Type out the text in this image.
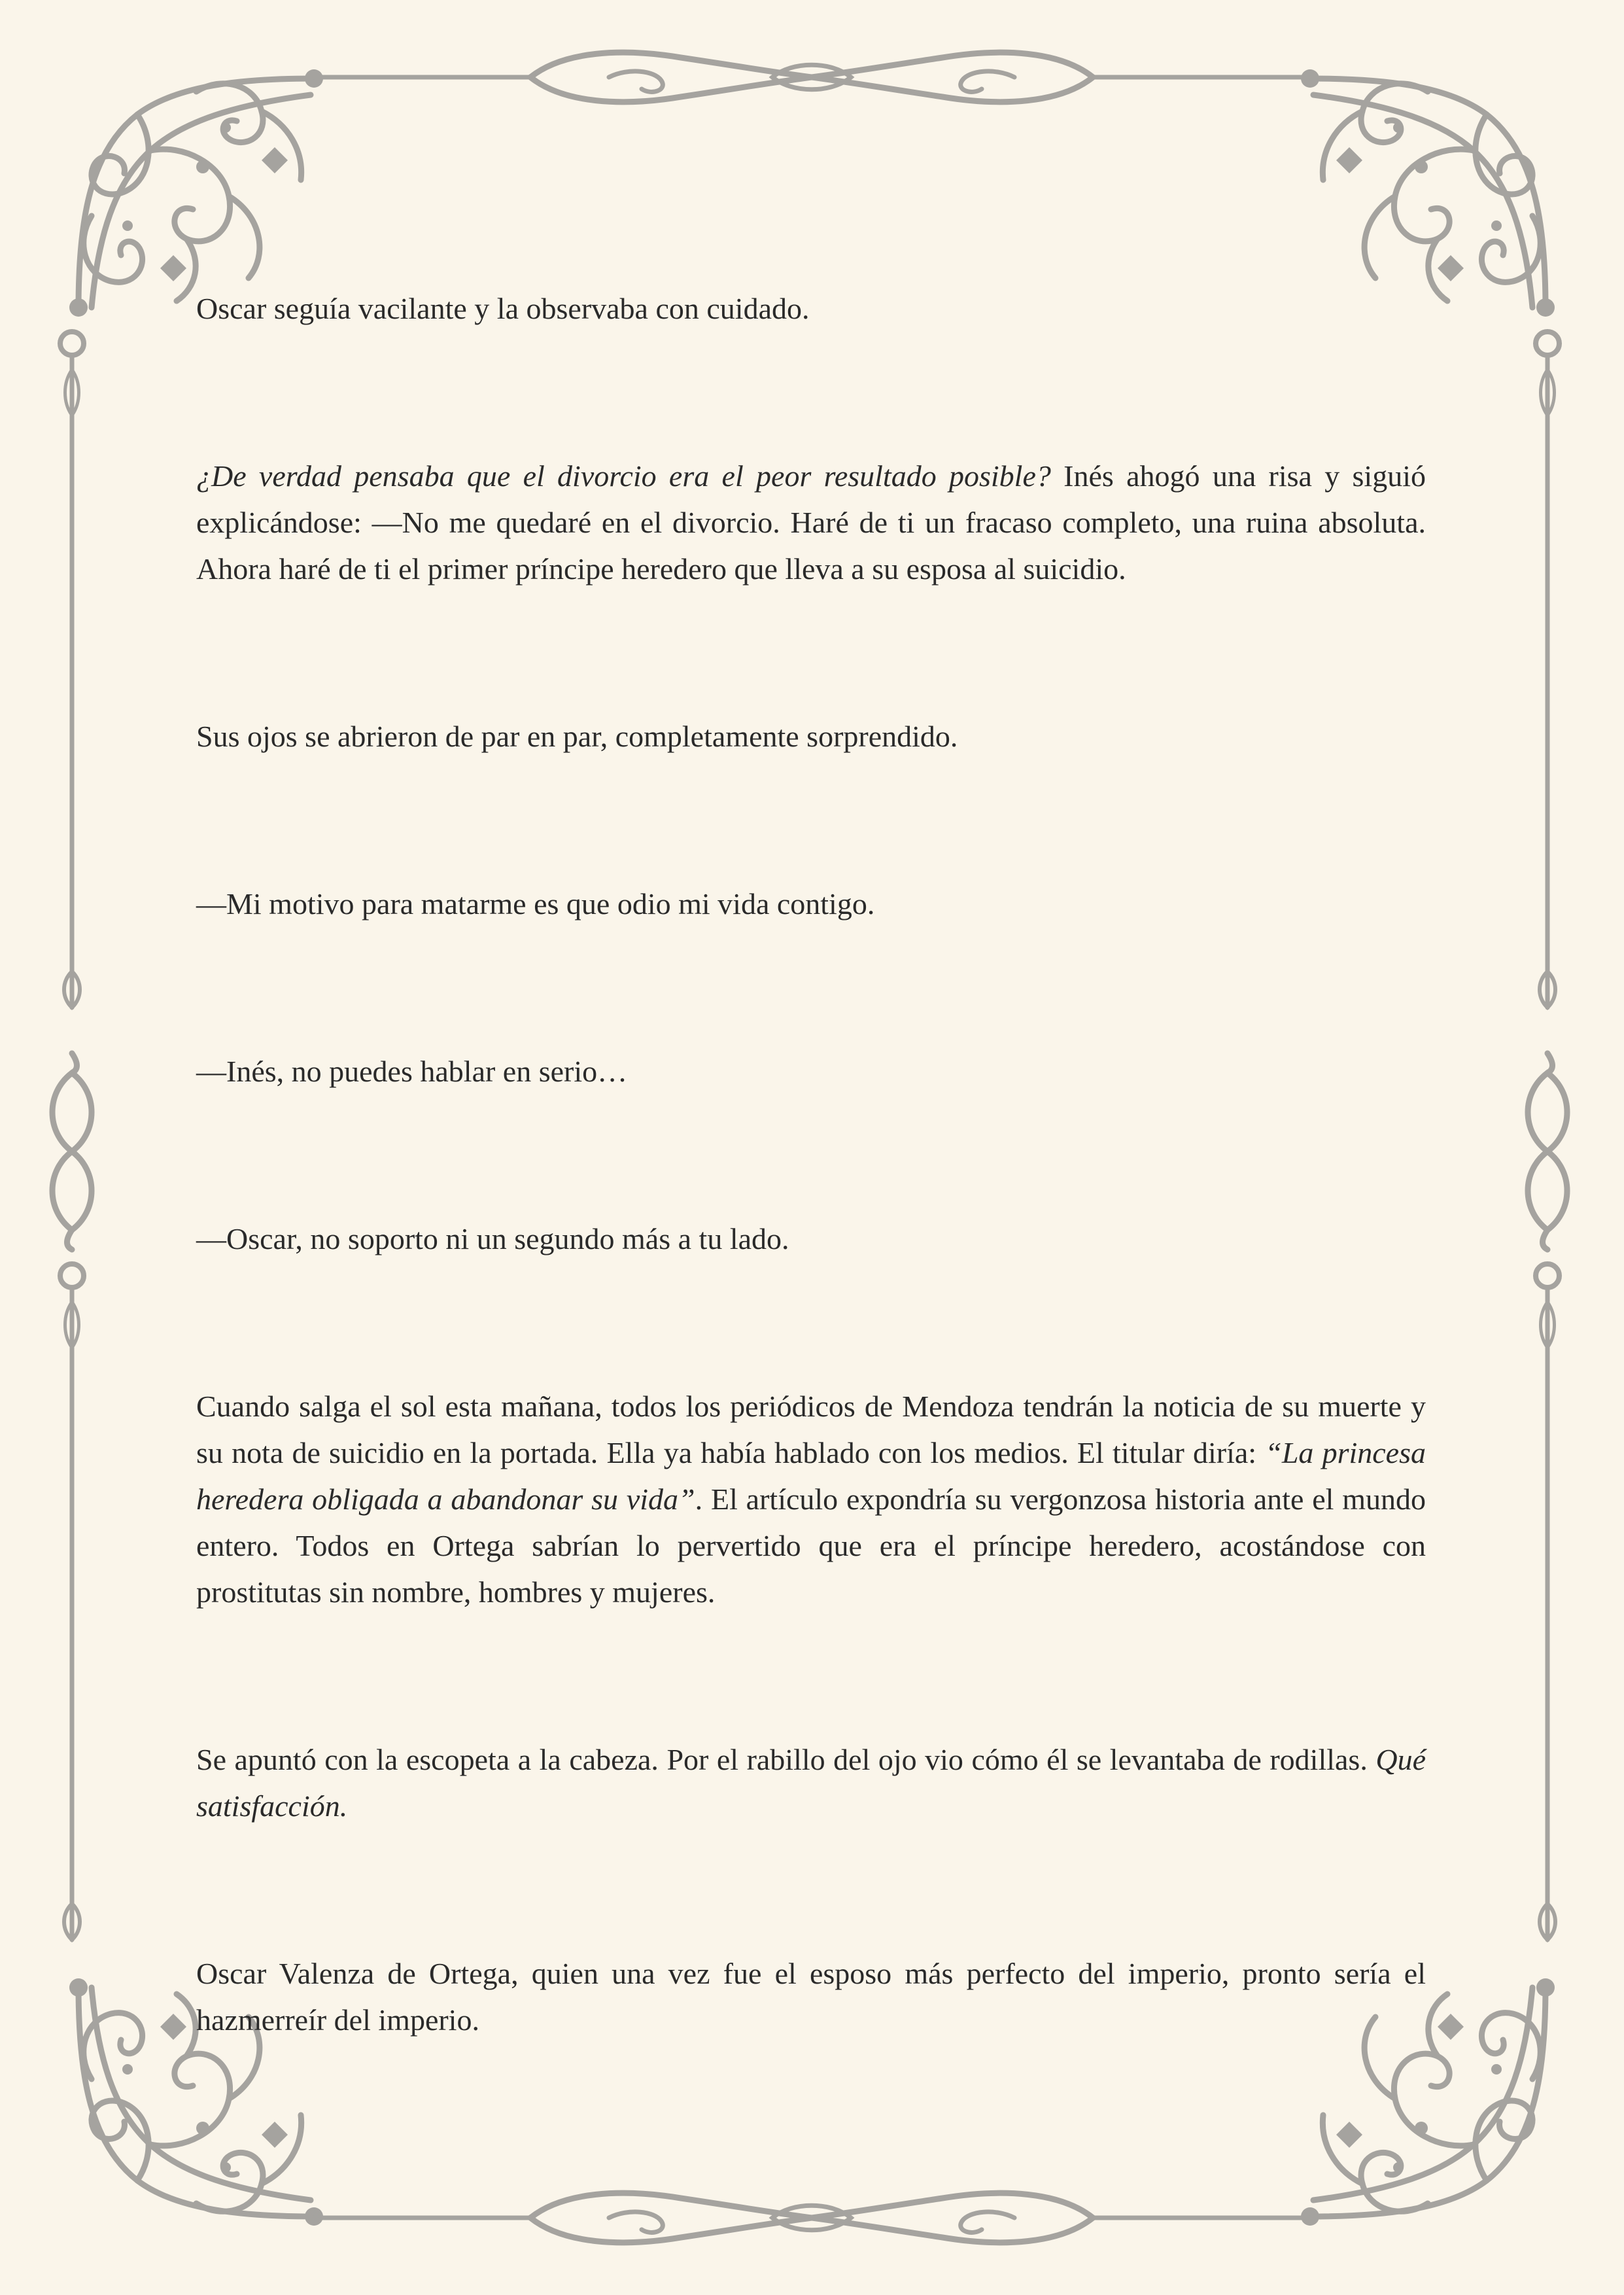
Oscar seguía vacilante y la observaba con cuidado.

¿De verdad pensaba que el divorcio era el peor resultado posible? Inés ahogó una risa y siguió explicándose: —No me quedaré en el divorcio. Haré de ti un fracaso completo, una ruina absoluta. Ahora haré de ti el primer príncipe heredero que lleva a su esposa al suicidio.

Sus ojos se abrieron de par en par, completamente sorprendido.

—Mi motivo para matarme es que odio mi vida contigo.

—Inés, no puedes hablar en serio…

—Oscar, no soporto ni un segundo más a tu lado.

Cuando salga el sol esta mañana, todos los periódicos de Mendoza tendrán la noticia de su muerte y su nota de suicidio en la portada. Ella ya había hablado con los medios. El titular diría: “La princesa heredera obligada a abandonar su vida”. El artículo expondría su vergonzosa historia ante el mundo entero. Todos en Ortega sabrían lo pervertido que era el príncipe heredero, acostándose con prostitutas sin nombre, hombres y mujeres.

Se apuntó con la escopeta a la cabeza. Por el rabillo del ojo vio cómo él se levantaba de rodillas. Qué satisfacción.

Oscar Valenza de Ortega, quien una vez fue el esposo más perfecto del imperio, pronto sería el hazmerreír del imperio.
